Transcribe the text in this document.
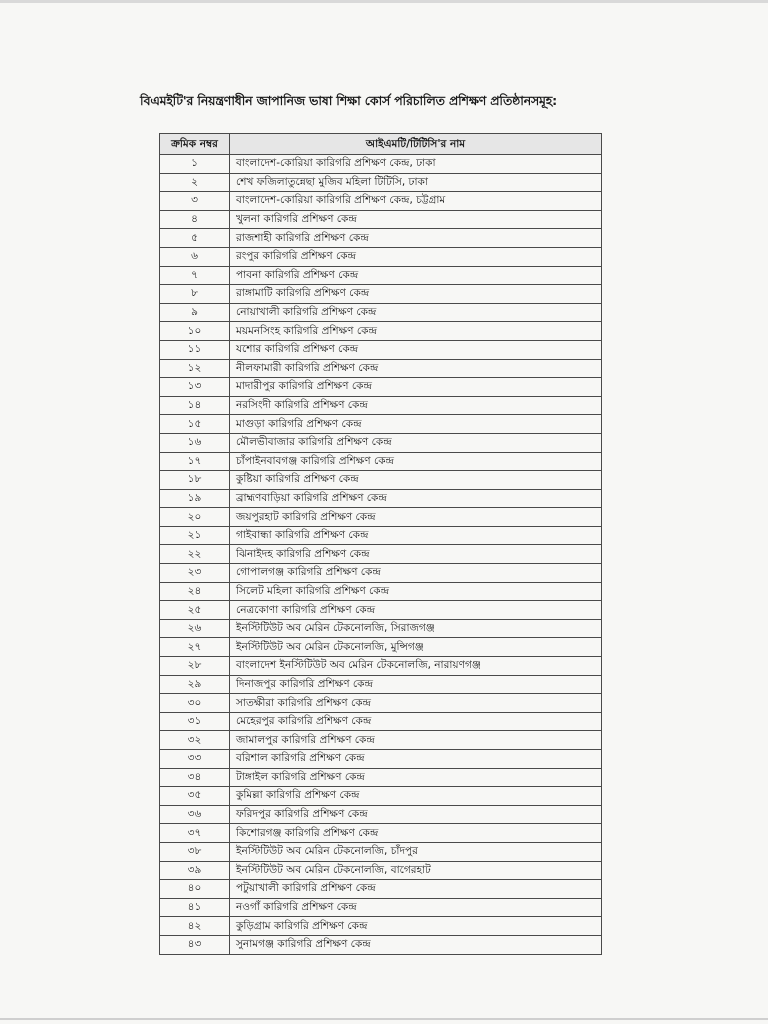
বিএমইটি'র নিয়ন্ত্রণাধীন জাপানিজ ভাষা শিক্ষা কোর্স পরিচালিত প্রশিক্ষণ প্রতিষ্ঠানসমূহ:
ক্রমিক নম্বর	আইএমটি/টিটিসি'র নাম
১	বাংলাদেশ-কোরিয়া কারিগরি প্রশিক্ষণ কেন্দ্র, ঢাকা
২	শেখ ফজিলাতুন্নেছা মুজিব মহিলা টিটিসি, ঢাকা
৩	বাংলাদেশ-কোরিয়া কারিগরি প্রশিক্ষণ কেন্দ্র, চট্টগ্রাম
৪	খুলনা কারিগরি প্রশিক্ষণ কেন্দ্র
৫	রাজশাহী কারিগরি প্রশিক্ষণ কেন্দ্র
৬	রংপুর কারিগরি প্রশিক্ষণ কেন্দ্র
৭	পাবনা কারিগরি প্রশিক্ষণ কেন্দ্র
৮	রাঙ্গামাটি কারিগরি প্রশিক্ষণ কেন্দ্র
৯	নোয়াখালী কারিগরি প্রশিক্ষণ কেন্দ্র
১০	ময়মনসিংহ কারিগরি প্রশিক্ষণ কেন্দ্র
১১	যশোর কারিগরি প্রশিক্ষণ কেন্দ্র
১২	নীলফামারী কারিগরি প্রশিক্ষণ কেন্দ্র
১৩	মাদারীপুর কারিগরি প্রশিক্ষণ কেন্দ্র
১৪	নরসিংদী কারিগরি প্রশিক্ষণ কেন্দ্র
১৫	মাগুড়া কারিগরি প্রশিক্ষণ কেন্দ্র
১৬	মৌলভীবাজার কারিগরি প্রশিক্ষণ কেন্দ্র
১৭	চাঁপাইনবাবগঞ্জ কারিগরি প্রশিক্ষণ কেন্দ্র
১৮	কুষ্টিয়া কারিগরি প্রশিক্ষণ কেন্দ্র
১৯	ব্রাহ্মণবাড়িয়া কারিগরি প্রশিক্ষণ কেন্দ্র
২০	জয়পুরহাট কারিগরি প্রশিক্ষণ কেন্দ্র
২১	গাইবান্ধা কারিগরি প্রশিক্ষণ কেন্দ্র
২২	ঝিনাইদহ কারিগরি প্রশিক্ষণ কেন্দ্র
২৩	গোপালগঞ্জ কারিগরি প্রশিক্ষণ কেন্দ্র
২৪	সিলেট মহিলা কারিগরি প্রশিক্ষণ কেন্দ্র
২৫	নেত্রকোণা কারিগরি প্রশিক্ষণ কেন্দ্র
২৬	ইনস্টিটিউট অব মেরিন টেকনোলজি, সিরাজগঞ্জ
২৭	ইনস্টিটিউট অব মেরিন টেকনোলজি, মুন্সিগঞ্জ
২৮	বাংলাদেশ ইনস্টিটিউট অব মেরিন টেকনোলজি, নারায়ণগঞ্জ
২৯	দিনাজপুর কারিগরি প্রশিক্ষণ কেন্দ্র
৩০	সাতক্ষীরা কারিগরি প্রশিক্ষণ কেন্দ্র
৩১	মেহেরপুর কারিগরি প্রশিক্ষণ কেন্দ্র
৩২	জামালপুর কারিগরি প্রশিক্ষণ কেন্দ্র
৩৩	বরিশাল কারিগরি প্রশিক্ষণ কেন্দ্র
৩৪	টাঙ্গাইল কারিগরি প্রশিক্ষণ কেন্দ্র
৩৫	কুমিল্লা কারিগরি প্রশিক্ষণ কেন্দ্র
৩৬	ফরিদপুর কারিগরি প্রশিক্ষণ কেন্দ্র
৩৭	কিশোরগঞ্জ কারিগরি প্রশিক্ষণ কেন্দ্র
৩৮	ইনস্টিটিউট অব মেরিন টেকনোলজি, চাঁদপুর
৩৯	ইনস্টিটিউট অব মেরিন টেকনোলজি, বাগেরহাট
৪০	পটুয়াখালী কারিগরি প্রশিক্ষণ কেন্দ্র
৪১	নওগাঁ কারিগরি প্রশিক্ষণ কেন্দ্র
৪২	কুড়িগ্রাম কারিগরি প্রশিক্ষণ কেন্দ্র
৪৩	সুনামগঞ্জ কারিগরি প্রশিক্ষণ কেন্দ্র
